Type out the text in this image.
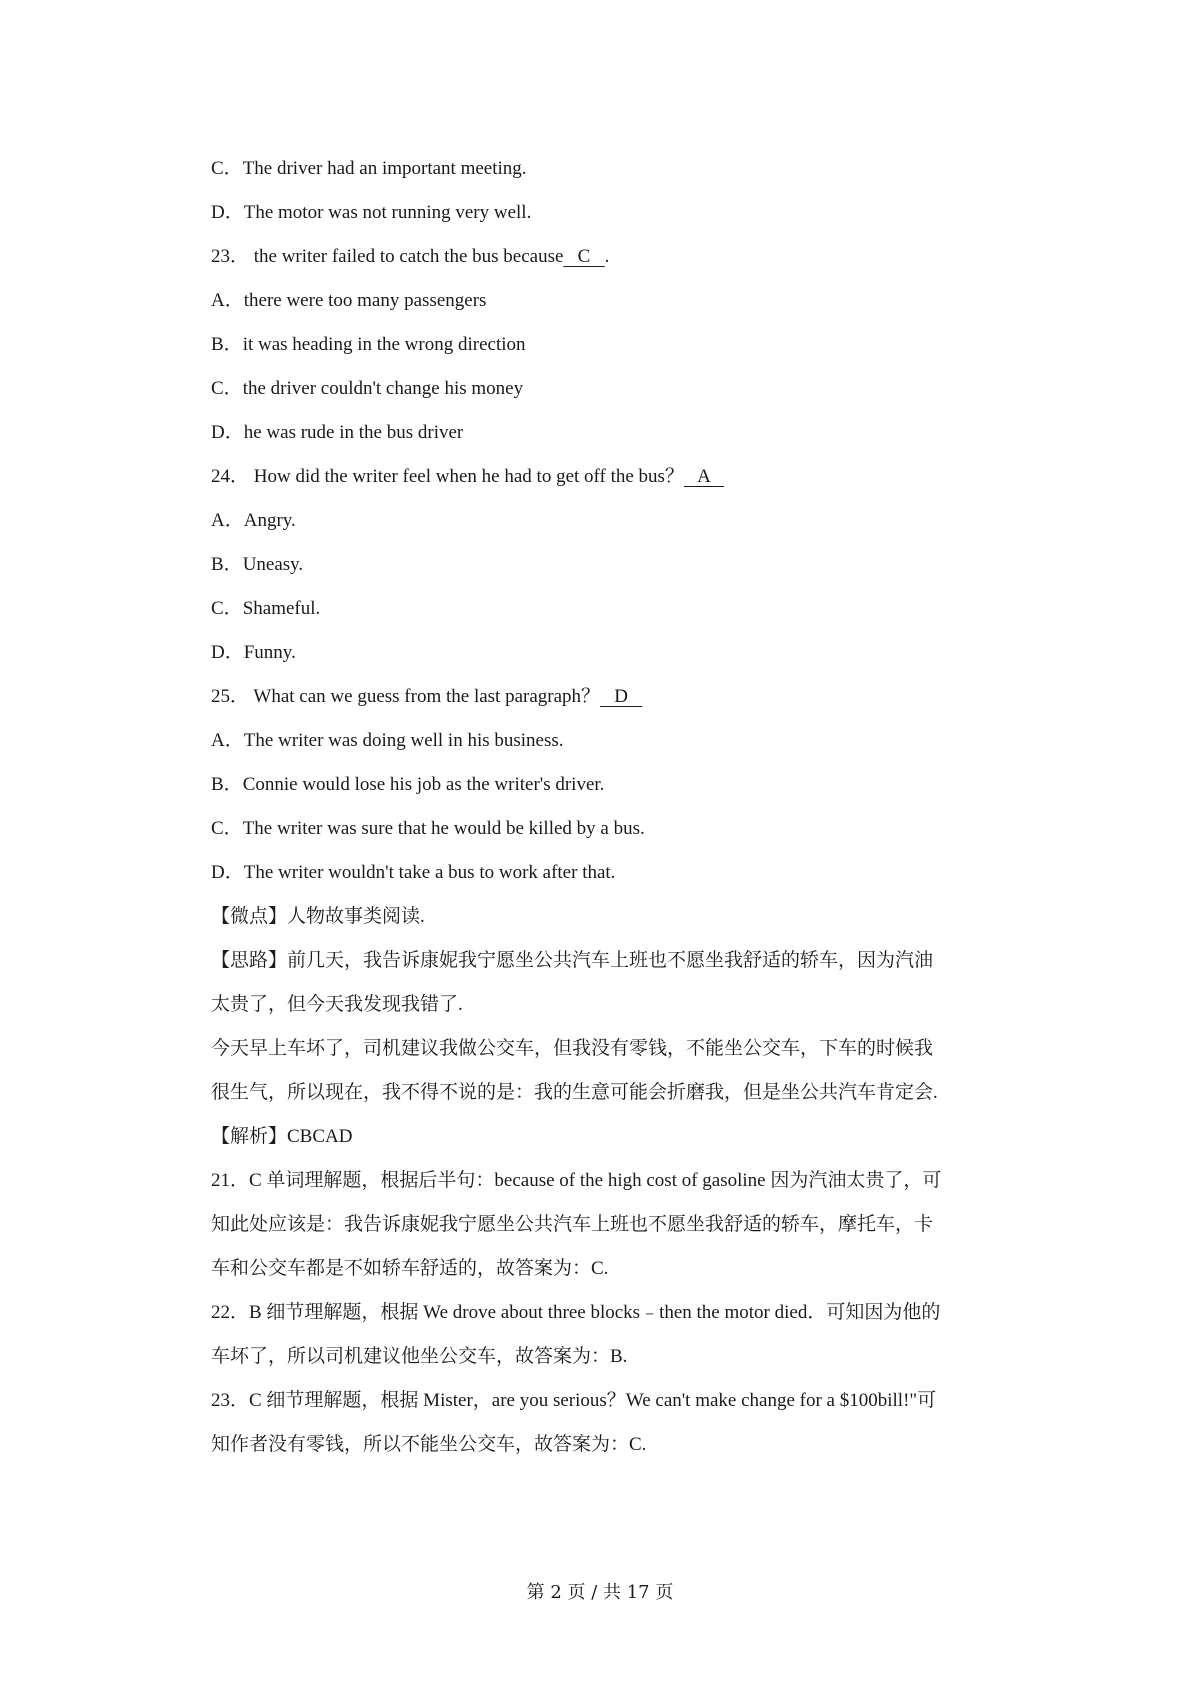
C．The driver had an important meeting.
D．The motor was not running very well.
23． the writer failed to catch the bus because   C   .
A．there were too many passengers
B．it was heading in the wrong direction
C．the driver couldn't change his money
D．he was rude in the bus driver
24． How did the writer feel when he had to get off the bus？   A
A．Angry.
B．Uneasy.
C．Shameful.
D．Funny.
25． What can we guess from the last paragraph？   D
A．The writer was doing well in his business.
B．Connie would lose his job as the writer's driver.
C．The writer was sure that he would be killed by a bus.
D．The writer wouldn't take a bus to work after that.
【微点】人物故事类阅读.
【思路】前几天，我告诉康妮我宁愿坐公共汽车上班也不愿坐我舒适的轿车，因为汽油
太贵了，但今天我发现我错了.
今天早上车坏了，司机建议我做公交车，但我没有零钱，不能坐公交车，下车的时候我
很生气，所以现在，我不得不说的是：我的生意可能会折磨我，但是坐公共汽车肯定会.
【解析】CBCAD
21．C 单词理解题，根据后半句：because of the high cost of gasoline 因为汽油太贵了，可
知此处应该是：我告诉康妮我宁愿坐公共汽车上班也不愿坐我舒适的轿车，摩托车，卡
车和公交车都是不如轿车舒适的，故答案为：C.
22．B 细节理解题，根据 We drove about three blocks﹣then the motor died．可知因为他的
车坏了，所以司机建议他坐公交车，故答案为：B.
23．C 细节理解题，根据 Mister，are you serious？We can't make change for a $100bill!"可
知作者没有零钱，所以不能坐公交车，故答案为：C.
第 2 页 / 共 17 页
